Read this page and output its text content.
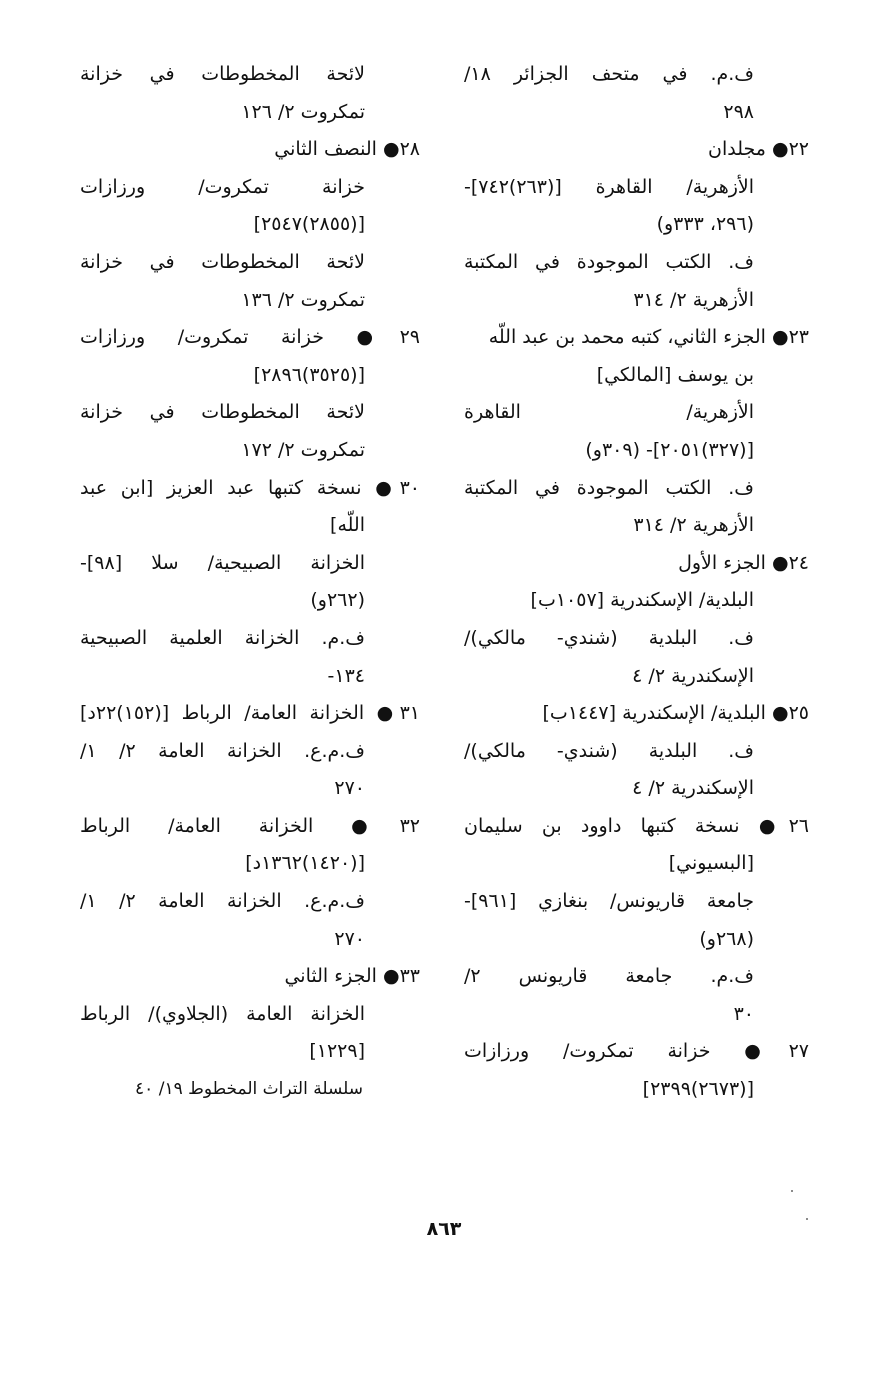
ف.م. في متحف الجزائر ١٨/
٢٩٨
٢٢● مجلدان
الأزهرية/ القاهرة [(٢٦٣)٧٤٢]-
(٢٩٦، ٣٣٣و)
ف. الكتب الموجودة في المكتبة
الأزهرية ٢/ ٣١٤
٢٣● الجزء الثاني، كتبه محمد بن عبد اللّه
بن يوسف [المالكي]
الأزهرية/ القاهرة
[(٣٢٧)٢٠٥١]- (٣٠٩و)
ف. الكتب الموجودة في المكتبة
الأزهرية ٢/ ٣١٤
٢٤● الجزء الأول
البلدية/ الإسكندرية [١٠٥٧ب]
ف. البلدية (شندي- مالكي)/
الإسكندرية ٢/ ٤
٢٥● البلدية/ الإسكندرية [١٤٤٧ب]
ف. البلدية (شندي- مالكي)/
الإسكندرية ٢/ ٤
٢٦● نسخة كتبها داوود بن سليمان
[البسيوني]
جامعة قاريونس/ بنغازي [٩٦١]-
(٢٦٨و)
ف.م. جامعة قاريونس ٢/
٣٠
٢٧● خزانة تمكروت/ ورزازات
[(٢٦٧٣)٢٣٩٩]
لائحة المخطوطات في خزانة
تمكروت ٢/ ١٢٦
٢٨● النصف الثاني
خزانة تمكروت/ ورزازات
[(٢٨٥٥)٢٥٤٧]
لائحة المخطوطات في خزانة
تمكروت ٢/ ١٣٦
٢٩● خزانة تمكروت/ ورزازات
[(٣٥٢٥)٢٨٩٦]
لائحة المخطوطات في خزانة
تمكروت ٢/ ١٧٢
٣٠● نسخة كتبها عبد العزيز [ابن عبد
اللّه]
الخزانة الصبيحية/ سلا [٩٨]-
(٢٦٢و)
ف.م. الخزانة العلمية الصبيحية
١٣٤-
٣١● الخزانة العامة/ الرباط [(١٥٢)٢٢د]
ف.م.ع. الخزانة العامة ٢/ ١/
٢٧٠
٣٢● الخزانة العامة/ الرباط
[(١٤٢٠)١٣٦٢د]
ف.م.ع. الخزانة العامة ٢/ ١/
٢٧٠
٣٣● الجزء الثاني
الخزانة العامة (الجلاوي)/ الرباط
[١٢٢٩]
سلسلة التراث المخطوط ١٩/ ٤٠
٨٦٣
